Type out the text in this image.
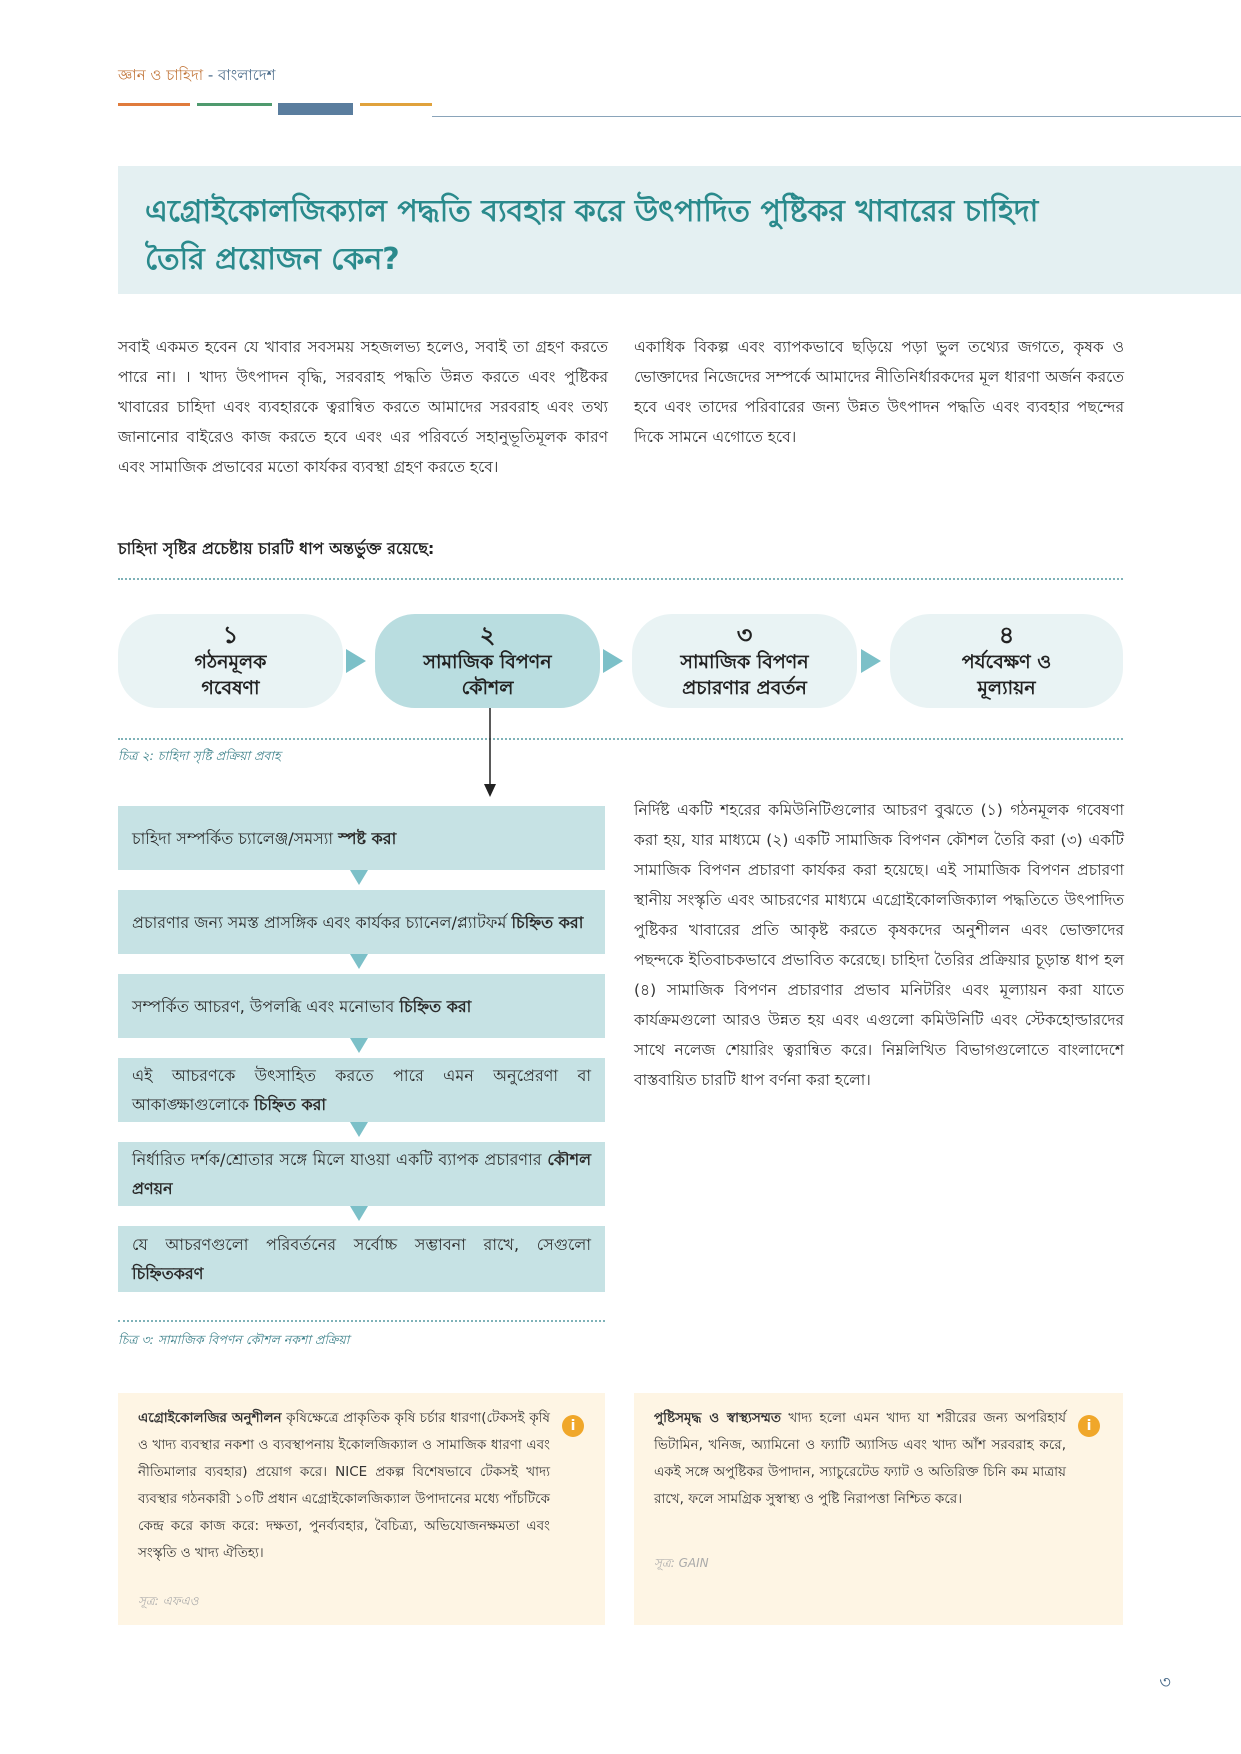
জ্ঞান ও চাহিদা - বাংলাদেশ
এগ্রোইকোলজিক্যাল পদ্ধতি ব্যবহার করে উৎপাদিত পুষ্টিকর খাবারের চাহিদা
তৈরি প্রয়োজন কেন?
সবাই একমত হবেন যে খাবার সবসময় সহজলভ্য হলেও, সবাই তা গ্রহণ করতে পারে না। । খাদ্য উৎপাদন বৃদ্ধি, সরবরাহ পদ্ধতি উন্নত করতে এবং পুষ্টিকর খাবারের চাহিদা এবং ব্যবহারকে ত্বরান্বিত করতে আমাদের সরবরাহ এবং তথ্য জানানোর বাইরেও কাজ করতে হবে এবং এর পরিবর্তে সহানুভূতিমূলক কারণ এবং সামাজিক প্রভাবের মতো কার্যকর ব্যবস্থা গ্রহণ করতে হবে।
একাধিক বিকল্প এবং ব্যাপকভাবে ছড়িয়ে পড়া ভুল তথ্যের জগতে, কৃষক ও ভোক্তাদের নিজেদের সম্পর্কে আমাদের নীতিনির্ধারকদের মূল ধারণা অর্জন করতে হবে এবং তাদের পরিবারের জন্য উন্নত উৎপাদন পদ্ধতি এবং ব্যবহার পছন্দের দিকে সামনে এগোতে হবে।
চাহিদা সৃষ্টির প্রচেষ্টায় চারটি ধাপ অন্তর্ভুক্ত রয়েছে:
১
গঠনমূলক
গবেষণা
২
সামাজিক বিপণন
কৌশল
৩
সামাজিক বিপণন
প্রচারণার প্রবর্তন
৪
পর্যবেক্ষণ ও
মূল্যায়ন
চিত্র ২: চাহিদা সৃষ্টি প্রক্রিয়া প্রবাহ
চাহিদা সম্পর্কিত চ্যালেঞ্জ/সমস্যা স্পষ্ট করা
প্রচারণার জন্য সমস্ত প্রাসঙ্গিক এবং কার্যকর চ্যানেল/প্ল্যাটফর্ম চিহ্নিত করা
সম্পর্কিত আচরণ, উপলব্ধি এবং মনোভাব চিহ্নিত করা
এই আচরণকে উৎসাহিত করতে পারে এমন অনুপ্রেরণা বা আকাঙ্ক্ষাগুলোকে চিহ্নিত করা
নির্ধারিত দর্শক/শ্রোতার সঙ্গে মিলে যাওয়া একটি ব্যাপক প্রচারণার কৌশল প্রণয়ন
যে আচরণগুলো পরিবর্তনের সর্বোচ্চ সম্ভাবনা রাখে, সেগুলো চিহ্নিতকরণ
চিত্র ৩: সামাজিক বিপণন কৌশল নকশা প্রক্রিয়া
নির্দিষ্ট একটি শহরের কমিউনিটিগুলোর আচরণ বুঝতে (১) গঠনমূলক গবেষণা করা হয়, যার মাধ্যমে (২) একটি সামাজিক বিপণন কৌশল তৈরি করা (৩) একটি সামাজিক বিপণন প্রচারণা কার্যকর করা হয়েছে। এই সামাজিক বিপণন প্রচারণা স্থানীয় সংস্কৃতি এবং আচরণের মাধ্যমে এগ্রোইকোলজিক্যাল পদ্ধতিতে উৎপাদিত পুষ্টিকর খাবারের প্রতি আকৃষ্ট করতে কৃষকদের অনুশীলন এবং ভোক্তাদের পছন্দকে ইতিবাচকভাবে প্রভাবিত করেছে। চাহিদা তৈরির প্রক্রিয়ার চূড়ান্ত ধাপ হল (৪) সামাজিক বিপণন প্রচারণার প্রভাব মনিটরিং এবং মূল্যায়ন করা যাতে কার্যক্রমগুলো আরও উন্নত হয় এবং এগুলো কমিউনিটি এবং স্টেকহোল্ডারদের সাথে নলেজ শেয়ারিং ত্বরান্বিত করে। নিম্নলিখিত বিভাগগুলোতে বাংলাদেশে বাস্তবায়িত চারটি ধাপ বর্ণনা করা হলো।
এগ্রোইকোলজির অনুশীলন কৃষিক্ষেত্রে প্রাকৃতিক কৃষি চর্চার ধারণা(টেকসই কৃষি ও খাদ্য ব্যবস্থার নকশা ও ব্যবস্থাপনায় ইকোলজিক্যাল ও সামাজিক ধারণা এবং নীতিমালার ব্যবহার) প্রয়োগ করে। NICE প্রকল্প বিশেষভাবে টেকসই খাদ্য ব্যবস্থার গঠনকারী ১০টি প্রধান এগ্রোইকোলজিক্যাল উপাদানের মধ্যে পাঁচটিকে কেন্দ্র করে কাজ করে: দক্ষতা, পুনর্ব্যবহার, বৈচিত্র্য, অভিযোজনক্ষমতা এবং সংস্কৃতি ও খাদ্য ঐতিহ্য।
i
সূত্র: এফএও
পুষ্টিসমৃদ্ধ ও স্বাস্থ্যসম্মত খাদ্য হলো এমন খাদ্য যা শরীরের জন্য অপরিহার্য ভিটামিন, খনিজ, অ্যামিনো ও ফ্যাটি অ্যাসিড এবং খাদ্য আঁশ সরবরাহ করে, একই সঙ্গে অপুষ্টিকর উপাদান, স্যাচুরেটেড ফ্যাট ও অতিরিক্ত চিনি কম মাত্রায় রাখে, ফলে সামগ্রিক সুস্বাস্থ্য ও পুষ্টি নিরাপত্তা নিশ্চিত করে।
i
সূত্র: GAIN
৩
